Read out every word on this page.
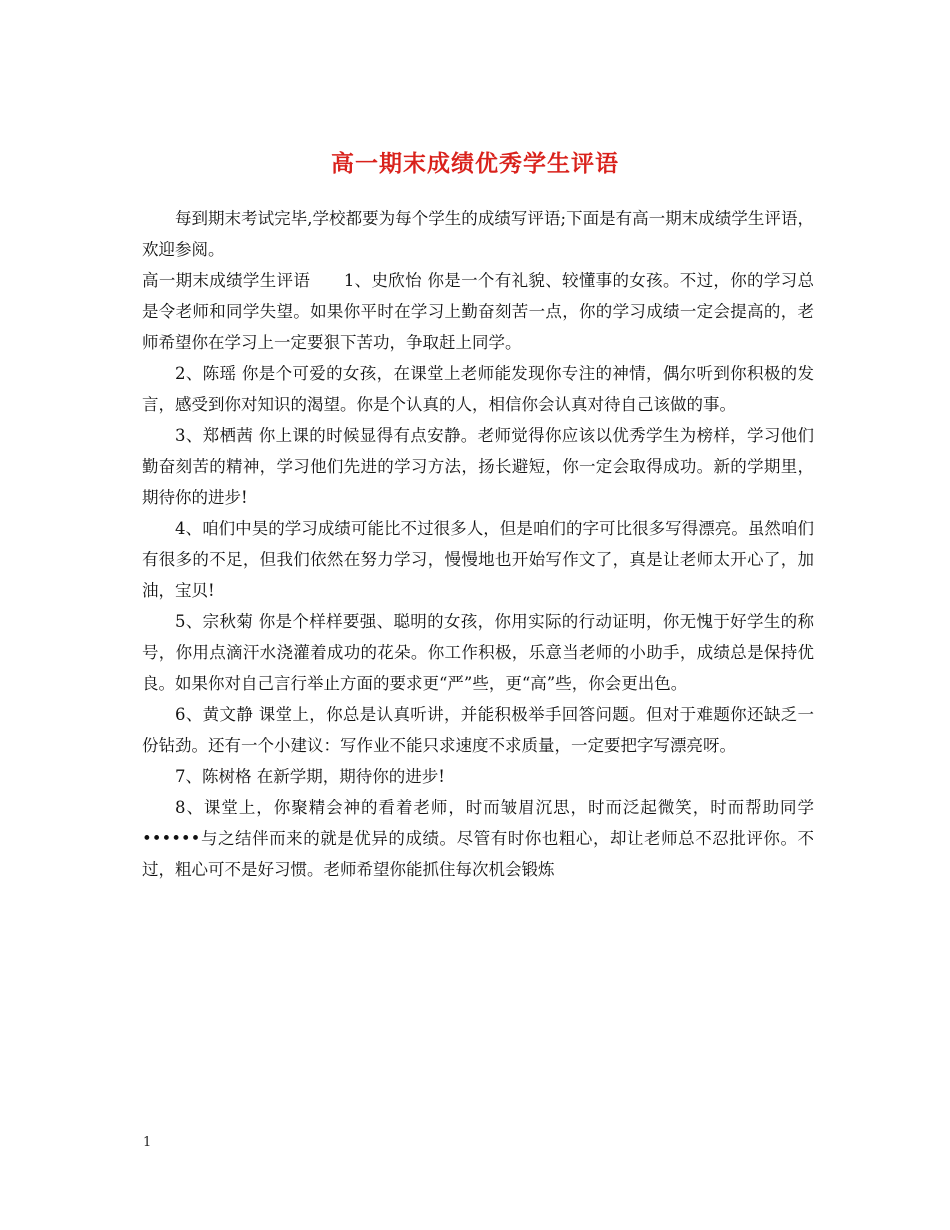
高一期末成绩优秀学生评语

每到期末考试完毕,学校都要为每个学生的成绩写评语;下面是有高一期末成绩学生评语，欢迎参阅。

高一期末成绩学生评语　　1、史欣怡 你是一个有礼貌、较懂事的女孩。不过，你的学习总是令老师和同学失望。如果你平时在学习上勤奋刻苦一点，你的学习成绩一定会提高的，老师希望你在学习上一定要狠下苦功，争取赶上同学。

2、陈瑶 你是个可爱的女孩，在课堂上老师能发现你专注的神情，偶尔听到你积极的发言，感受到你对知识的渴望。你是个认真的人，相信你会认真对待自己该做的事。

3、郑栖茜 你上课的时候显得有点安静。老师觉得你应该以优秀学生为榜样，学习他们勤奋刻苦的精神，学习他们先进的学习方法，扬长避短，你一定会取得成功。新的学期里，期待你的进步!

4、咱们中昊的学习成绩可能比不过很多人，但是咱们的字可比很多写得漂亮。虽然咱们有很多的不足，但我们依然在努力学习，慢慢地也开始写作文了，真是让老师太开心了，加油，宝贝!

5、宗秋菊 你是个样样要强、聪明的女孩，你用实际的行动证明，你无愧于好学生的称号，你用点滴汗水浇灌着成功的花朵。你工作积极，乐意当老师的小助手，成绩总是保持优良。如果你对自己言行举止方面的要求更“严”些，更“高”些，你会更出色。

6、黄文静 课堂上，你总是认真听讲，并能积极举手回答问题。但对于难题你还缺乏一份钻劲。还有一个小建议：写作业不能只求速度不求质量，一定要把字写漂亮呀。

7、陈树格 在新学期，期待你的进步!

8、课堂上，你聚精会神的看着老师，时而皱眉沉思，时而泛起微笑，时而帮助同学••••••与之结伴而来的就是优异的成绩。尽管有时你也粗心，却让老师总不忍批评你。不过，粗心可不是好习惯。老师希望你能抓住每次机会锻炼

1
